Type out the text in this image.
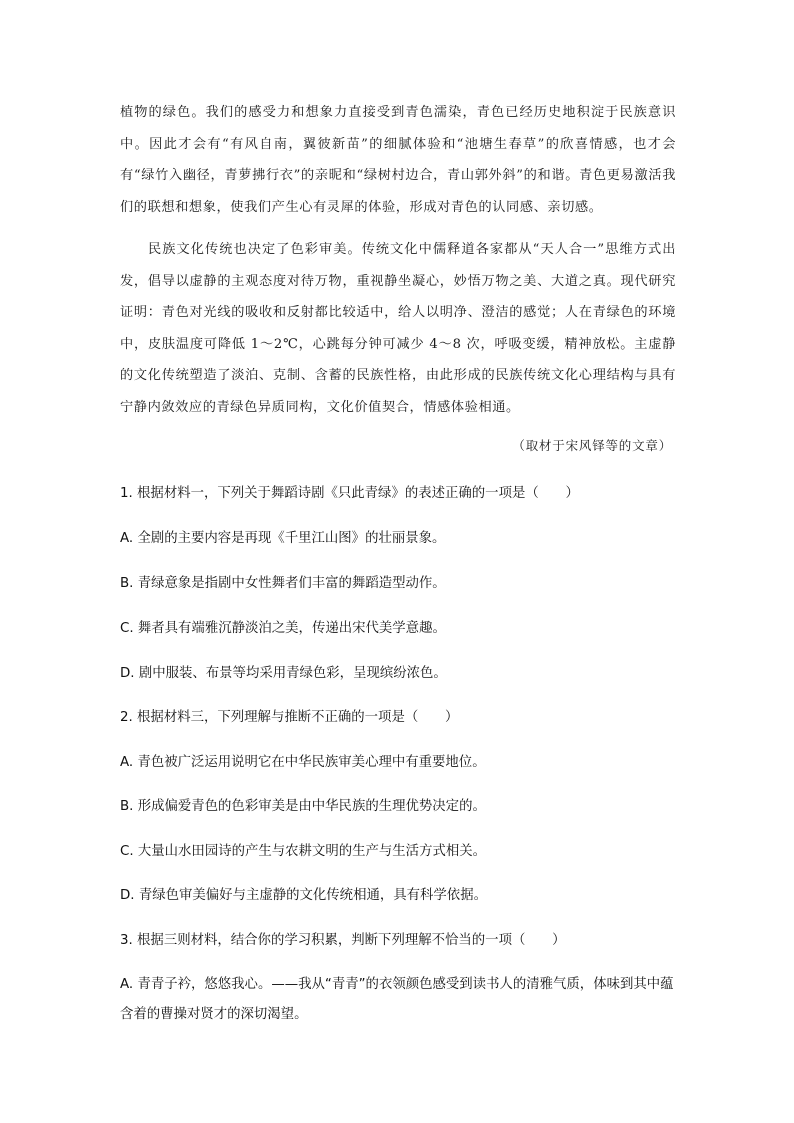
植物的绿色。我们的感受力和想象力直接受到青色濡染，青色已经历史地积淀于民族意识中。因此才会有“有风自南，翼彼新苗”的细腻体验和“池塘生春草”的欣喜情感，也才会有“绿竹入幽径，青萝拂行衣”的亲昵和“绿树村边合，青山郭外斜”的和谐。青色更易激活我们的联想和想象，使我们产生心有灵犀的体验，形成对青色的认同感、亲切感。
民族文化传统也决定了色彩审美。传统文化中儒释道各家都从“天人合一”思维方式出发，倡导以虚静的主观态度对待万物，重视静坐凝心，妙悟万物之美、大道之真。现代研究证明：青色对光线的吸收和反射都比较适中，给人以明净、澄洁的感觉；人在青绿色的环境中，皮肤温度可降低 1～2℃，心跳每分钟可减少 4～8 次，呼吸变缓，精神放松。主虚静的文化传统塑造了淡泊、克制、含蓄的民族性格，由此形成的民族传统文化心理结构与具有宁静内敛效应的青绿色异质同构，文化价值契合，情感体验相通。
（取材于宋风铎等的文章）
1. 根据材料一，下列关于舞蹈诗剧《只此青绿》的表述正确的一项是（　　）
A. 全剧的主要内容是再现《千里江山图》的壮丽景象。
B. 青绿意象是指剧中女性舞者们丰富的舞蹈造型动作。
C. 舞者具有端雅沉静淡泊之美，传递出宋代美学意趣。
D. 剧中服装、布景等均采用青绿色彩，呈现缤纷浓色。
2. 根据材料三，下列理解与推断不正确的一项是（　　）
A. 青色被广泛运用说明它在中华民族审美心理中有重要地位。
B. 形成偏爱青色的色彩审美是由中华民族的生理优势决定的。
C. 大量山水田园诗的产生与农耕文明的生产与生活方式相关。
D. 青绿色审美偏好与主虚静的文化传统相通，具有科学依据。
3. 根据三则材料，结合你的学习积累，判断下列理解不恰当的一项（　　）
A. 青青子衿，悠悠我心。——我从“青青”的衣领颜色感受到读书人的清雅气质，体味到其中蕴含着的曹操对贤才的深切渴望。
